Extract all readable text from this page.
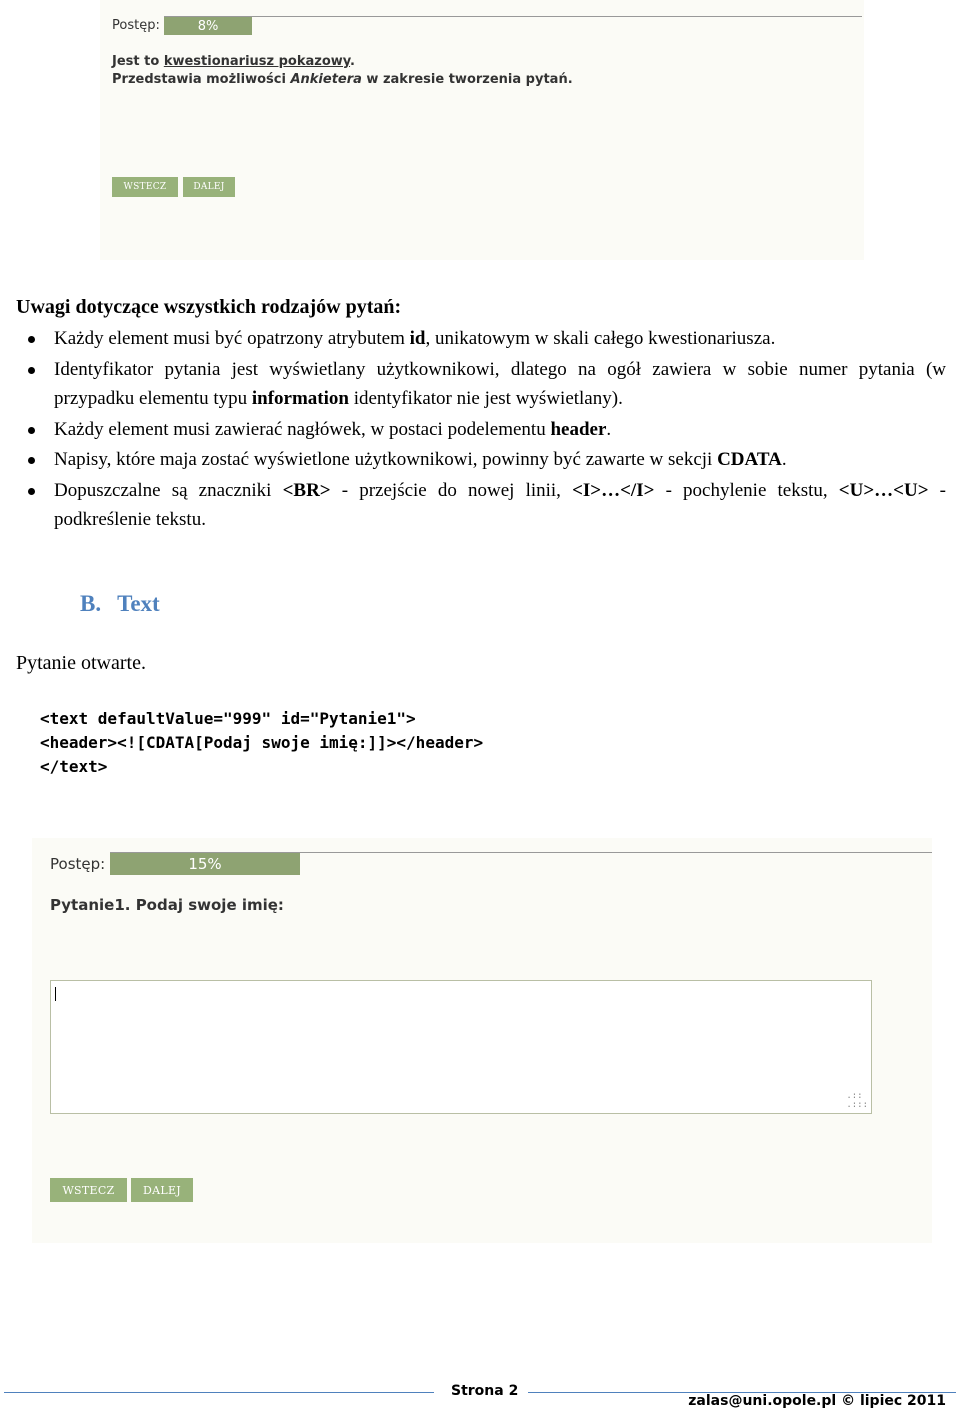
Postęp:	8%
Jest to kwestionariusz pokazowy.
Przedstawia możliwości Ankietera w zakresie tworzenia pytań.
WSTECZ	DALEJ
Uwagi dotyczące wszystkich rodzajów pytań:
Każdy element musi być opatrzony atrybutem id, unikatowym w skali całego kwestionariusza.
Identyfikator pytania jest wyświetlany użytkownikowi, dlatego na ogół zawiera w sobie numer pytania (w przypadku elementu typu information identyfikator nie jest wyświetlany).
Każdy element musi zawierać nagłówek, w postaci podelementu header.
Napisy, które maja zostać wyświetlone użytkownikowi, powinny być zawarte w sekcji CDATA.
Dopuszczalne są znaczniki <BR> - przejście do nowej linii, <I>…</I> - pochylenie tekstu, <U>…<U> - podkreślenie tekstu.
B. Text
Pytanie otwarte.
<text defaultValue="999" id="Pytanie1">
<header><![CDATA[Podaj swoje imię:]]></header>
</text>
Postęp:	15%
Pytanie1. Podaj swoje imię:
.::
.:::
WSTECZ	DALEJ
Strona 2
zalas@uni.opole.pl © lipiec 2011
